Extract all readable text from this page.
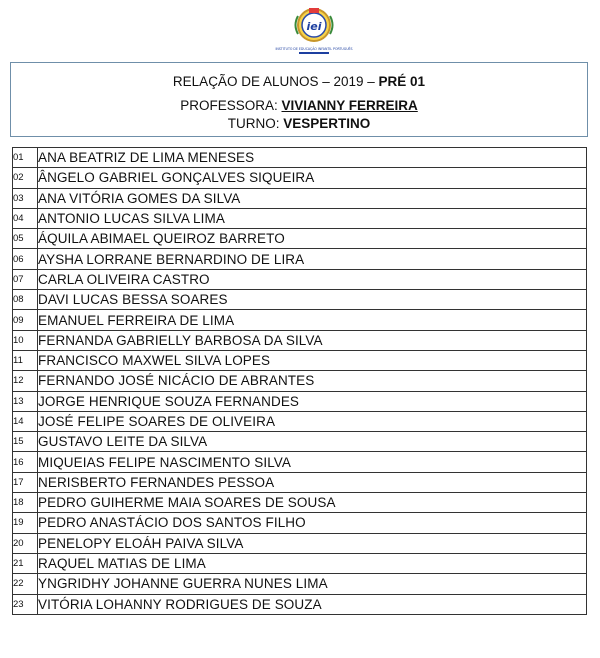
iei
INSTITUTO DE EDUCAÇÃO INFANTIL PORTUGUÊS
RELAÇÃO DE ALUNOS – 2019 – PRÉ 01
PROFESSORA: VIVIANNY FERREIRA
TURNO: VESPERTINO
01	ANA BEATRIZ DE LIMA MENESES
02	ÂNGELO GABRIEL GONÇALVES SIQUEIRA
03	ANA VITÓRIA GOMES DA SILVA
04	ANTONIO LUCAS SILVA LIMA
05	ÁQUILA ABIMAEL QUEIROZ BARRETO
06	AYSHA LORRANE BERNARDINO DE LIRA
07	CARLA OLIVEIRA CASTRO
08	DAVI LUCAS BESSA SOARES
09	EMANUEL FERREIRA DE LIMA
10	FERNANDA GABRIELLY BARBOSA DA SILVA
11	FRANCISCO MAXWEL SILVA LOPES
12	FERNANDO JOSÉ NICÁCIO DE ABRANTES
13	JORGE HENRIQUE SOUZA FERNANDES
14	JOSÉ FELIPE SOARES DE OLIVEIRA
15	GUSTAVO LEITE DA SILVA
16	MIQUEIAS FELIPE NASCIMENTO SILVA
17	NERISBERTO FERNANDES PESSOA
18	PEDRO GUIHERME MAIA SOARES DE SOUSA
19	PEDRO ANASTÁCIO DOS SANTOS FILHO
20	PENELOPY ELOÁH PAIVA SILVA
21	RAQUEL MATIAS DE LIMA
22	YNGRIDHY JOHANNE GUERRA NUNES LIMA
23	VITÓRIA LOHANNY RODRIGUES DE SOUZA
